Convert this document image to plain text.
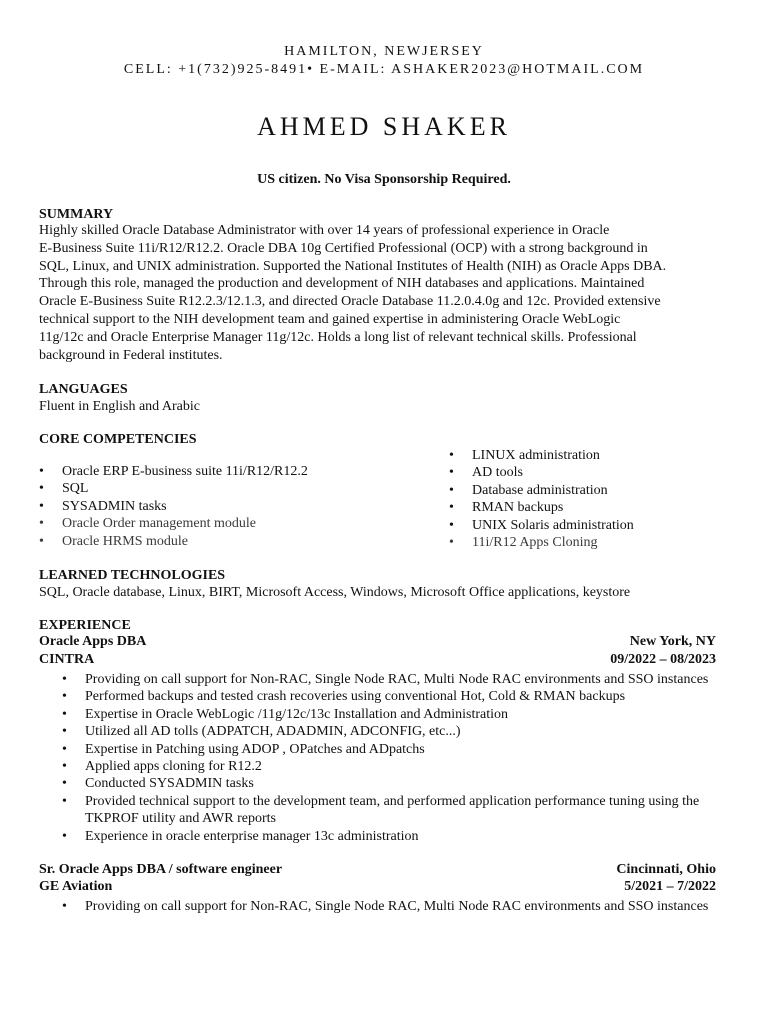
HAMILTON, NEWJERSEY
CELL: +1(732)925-8491• E-MAIL: ASHAKER2023@HOTMAIL.COM
AHMED SHAKER
US citizen. No Visa Sponsorship Required.
SUMMARY
Highly skilled Oracle Database Administrator with over 14 years of professional experience in Oracle
E-Business Suite 11i/R12/R12.2. Oracle DBA 10g Certified Professional (OCP) with a strong background in
SQL, Linux, and UNIX administration. Supported the National Institutes of Health (NIH) as Oracle Apps DBA.
Through this role, managed the production and development of NIH databases and applications. Maintained
Oracle E-Business Suite R12.2.3/12.1.3, and directed Oracle Database 11.2.0.4.0g and 12c. Provided extensive
technical support to the NIH development team and gained expertise in administering Oracle WebLogic
11g/12c and Oracle Enterprise Manager 11g/12c. Holds a long list of relevant technical skills. Professional
background in Federal institutes.
LANGUAGES
Fluent in English and Arabic
CORE COMPETENCIES
• Oracle ERP E-business suite 11i/R12/R12.2
• SQL
• SYSADMIN tasks
• Oracle Order management module
• Oracle HRMS module
• LINUX administration
• AD tools
• Database administration
• RMAN backups
• UNIX Solaris administration
• 11i/R12 Apps Cloning
LEARNED TECHNOLOGIES
SQL, Oracle database, Linux, BIRT, Microsoft Access, Windows, Microsoft Office applications, keystore
EXPERIENCE
Oracle Apps DBA	New York, NY
CINTRA	09/2022 – 08/2023
• Providing on call support for Non-RAC, Single Node RAC, Multi Node RAC environments and SSO instances
• Performed backups and tested crash recoveries using conventional Hot, Cold & RMAN backups
• Expertise in Oracle WebLogic /11g/12c/13c Installation and Administration
• Utilized all AD tolls (ADPATCH, ADADMIN, ADCONFIG, etc...)
• Expertise in Patching using ADOP , OPatches and ADpatchs
• Applied apps cloning for R12.2
• Conducted SYSADMIN tasks
• Provided technical support to the development team, and performed application performance tuning using the TKPROF utility and AWR reports
• Experience in oracle enterprise manager 13c administration
Sr. Oracle Apps DBA / software engineer	Cincinnati, Ohio
GE Aviation	5/2021 – 7/2022
• Providing on call support for Non-RAC, Single Node RAC, Multi Node RAC environments and SSO instances
